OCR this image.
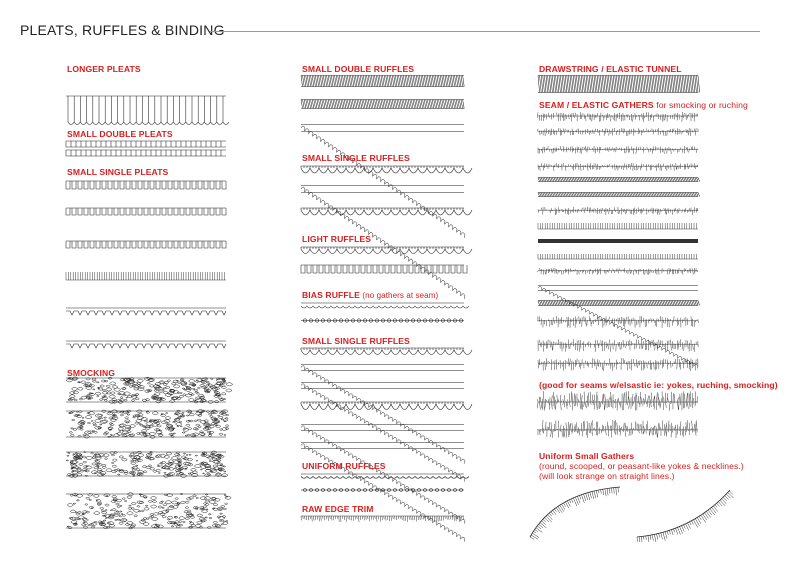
PLEATS, RUFFLES & BINDING
LONGER PLEATS
SMALL DOUBLE PLEATS
SMALL SINGLE PLEATS
SMOCKING
SMALL DOUBLE RUFFLES
SMALL SINGLE RUFFLES
LIGHT RUFFLES
BIAS RUFFLE (no gathers at seam)
SMALL SINGLE RUFFLES
UNIFORM RUFFLES
RAW EDGE TRIM
DRAWSTRING / ELASTIC TUNNEL
SEAM / ELASTIC GATHERS for smocking or ruching
(good for seams w/elsastic ie: yokes, ruching, smocking)
Uniform Small Gathers
(round, scooped, or peasant-like yokes & necklines.)
(will look strange on straight lines.)
